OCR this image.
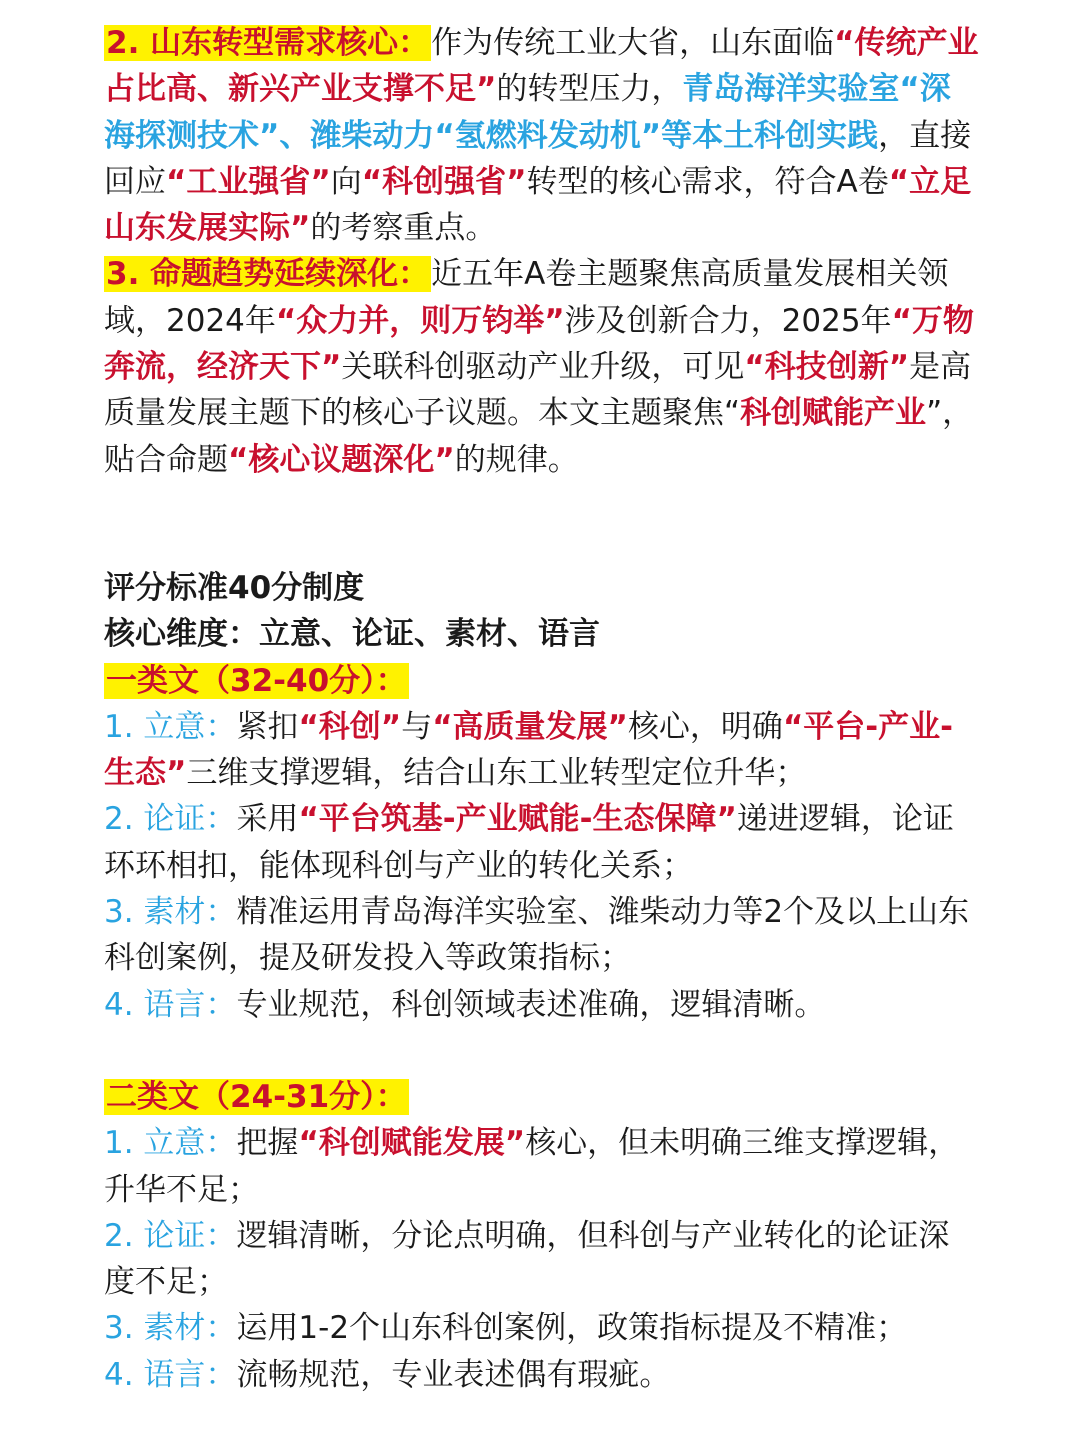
2. 山东转型需求核心：作为传统工业大省，山东面临“传统产业占比高、新兴产业支撑不足”的转型压力，青岛海洋实验室“深海探测技术”、潍柴动力“氢燃料发动机”等本土科创实践，直接回应“工业强省”向“科创强省”转型的核心需求，符合A卷“立足山东发展实际”的考察重点。

3. 命题趋势延续深化：近五年A卷主题聚焦高质量发展相关领域，2024年“众力并，则万钧举”涉及创新合力，2025年“万物奔流，经济天下”关联科创驱动产业升级，可见“科技创新”是高质量发展主题下的核心子议题。本文主题聚焦“科创赋能产业”，贴合命题“核心议题深化”的规律。

评分标准40分制度

核心维度：立意、论证、素材、语言

一类文（32-40分）：

1. 立意：紧扣“科创”与“高质量发展”核心，明确“平台-产业-生态”三维支撑逻辑，结合山东工业转型定位升华；

2. 论证：采用“平台筑基-产业赋能-生态保障”递进逻辑，论证环环相扣，能体现科创与产业的转化关系；

3. 素材：精准运用青岛海洋实验室、潍柴动力等2个及以上山东科创案例，提及研发投入等政策指标；

4. 语言：专业规范，科创领域表述准确，逻辑清晰。

二类文（24-31分）：

1. 立意：把握“科创赋能发展”核心，但未明确三维支撑逻辑，升华不足；

2. 论证：逻辑清晰，分论点明确，但科创与产业转化的论证深度不足；

3. 素材：运用1-2个山东科创案例，政策指标提及不精准；

4. 语言：流畅规范，专业表述偶有瑕疵。
